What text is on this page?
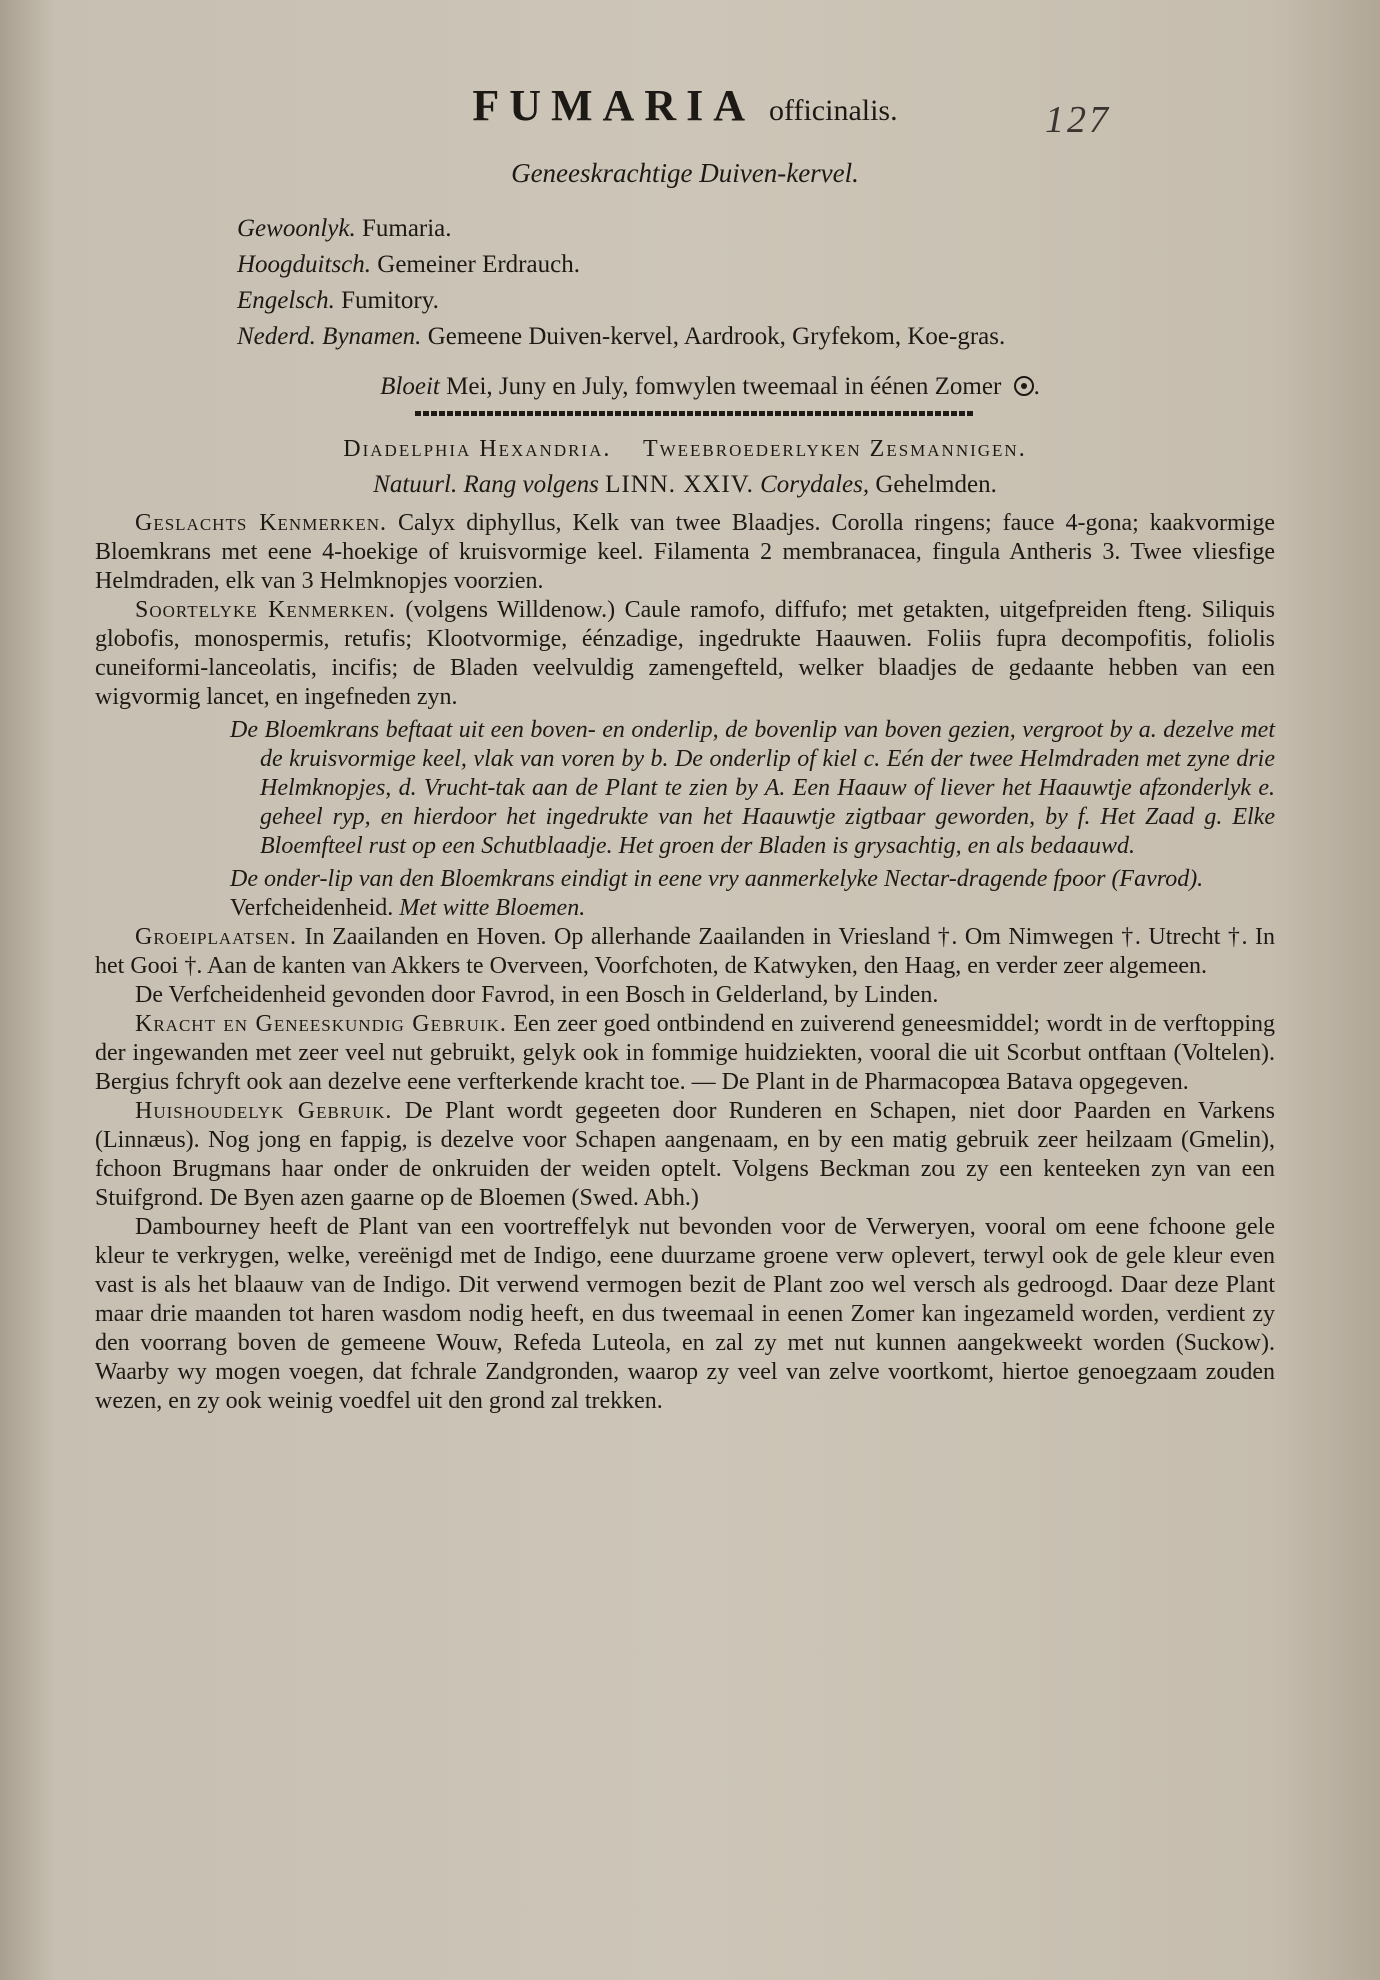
FUMARIA officinalis.	127
Geneeskrachtige Duiven-kervel.
Gewoonlyk. Fumaria.
Hoogduitsch. Gemeiner Erdrauch.
Engelsch. Fumitory.
Nederd. Bynamen. Gemeene Duiven-kervel, Aardrook, Gryfekom, Koe-gras.
Bloeit Mei, Juny en July, fomwylen tweemaal in éénen Zomer .
Diadelphia Hexandria. Tweebroederlyken Zesmannigen.
Natuurl. Rang volgens LINN. XXIV. Corydales, Gehelmden.

Geslachts Kenmerken. Calyx diphyllus, Kelk van twee Blaadjes. Corolla ringens; fauce 4-gona; kaakvormige Bloemkrans met eene 4-hoekige of kruisvormige keel. Filamenta 2 membranacea, fingula Antheris 3. Twee vliesfige Helmdraden, elk van 3 Helmknopjes voorzien.

Soortelyke Kenmerken. (volgens Willdenow.) Caule ramofo, diffufo; met getakten, uitgefpreiden fteng. Siliquis globofis, monospermis, retufis; Klootvormige, éénzadige, ingedrukte Haauwen. Foliis fupra decompofitis, foliolis cuneiformi-lanceolatis, incifis; de Bladen veelvuldig zamengefteld, welker blaadjes de gedaante hebben van een wigvormig lancet, en ingefneden zyn.

De Bloemkrans beftaat uit een boven- en onderlip, de bovenlip van boven gezien, vergroot by a. dezelve met de kruisvormige keel, vlak van voren by b. De onderlip of kiel c. Eén der twee Helmdraden met zyne drie Helmknopjes, d. Vrucht-tak aan de Plant te zien by A. Een Haauw of liever het Haauwtje afzonderlyk e. geheel ryp, en hierdoor het ingedrukte van het Haauwtje zigtbaar geworden, by f. Het Zaad g. Elke Bloemfteel rust op een Schutblaadje. Het groen der Bladen is grysachtig, en als bedaauwd.

De onder-lip van den Bloemkrans eindigt in eene vry aanmerkelyke Nectar-dragende fpoor (Favrod).

Verfcheidenheid. Met witte Bloemen.

Groeiplaatsen. In Zaailanden en Hoven. Op allerhande Zaailanden in Vriesland †. Om Nimwegen †. Utrecht †. In het Gooi †. Aan de kanten van Akkers te Overveen, Voorfchoten, de Katwyken, den Haag, en verder zeer algemeen.

De Verfcheidenheid gevonden door Favrod, in een Bosch in Gelderland, by Linden.

Kracht en Geneeskundig Gebruik. Een zeer goed ontbindend en zuiverend geneesmiddel; wordt in de verftopping der ingewanden met zeer veel nut gebruikt, gelyk ook in fommige huidziekten, vooral die uit Scorbut ontftaan (Voltelen). Bergius fchryft ook aan dezelve eene verfterkende kracht toe. — De Plant in de Pharmacopœa Batava opgegeven.

Huishoudelyk Gebruik. De Plant wordt gegeeten door Runderen en Schapen, niet door Paarden en Varkens (Linnæus). Nog jong en fappig, is dezelve voor Schapen aangenaam, en by een matig gebruik zeer heilzaam (Gmelin), fchoon Brugmans haar onder de onkruiden der weiden optelt. Volgens Beckman zou zy een kenteeken zyn van een Stuifgrond. De Byen azen gaarne op de Bloemen (Swed. Abh.)

Dambourney heeft de Plant van een voortreffelyk nut bevonden voor de Verweryen, vooral om eene fchoone gele kleur te verkrygen, welke, vereënigd met de Indigo, eene duurzame groene verw oplevert, terwyl ook de gele kleur even vast is als het blaauw van de Indigo. Dit verwend vermogen bezit de Plant zoo wel versch als gedroogd. Daar deze Plant maar drie maanden tot haren wasdom nodig heeft, en dus tweemaal in eenen Zomer kan ingezameld worden, verdient zy den voorrang boven de gemeene Wouw, Refeda Luteola, en zal zy met nut kunnen aangekweekt worden (Suckow). Waarby wy mogen voegen, dat fchrale Zandgronden, waarop zy veel van zelve voortkomt, hiertoe genoegzaam zouden wezen, en zy ook weinig voedfel uit den grond zal trekken.
